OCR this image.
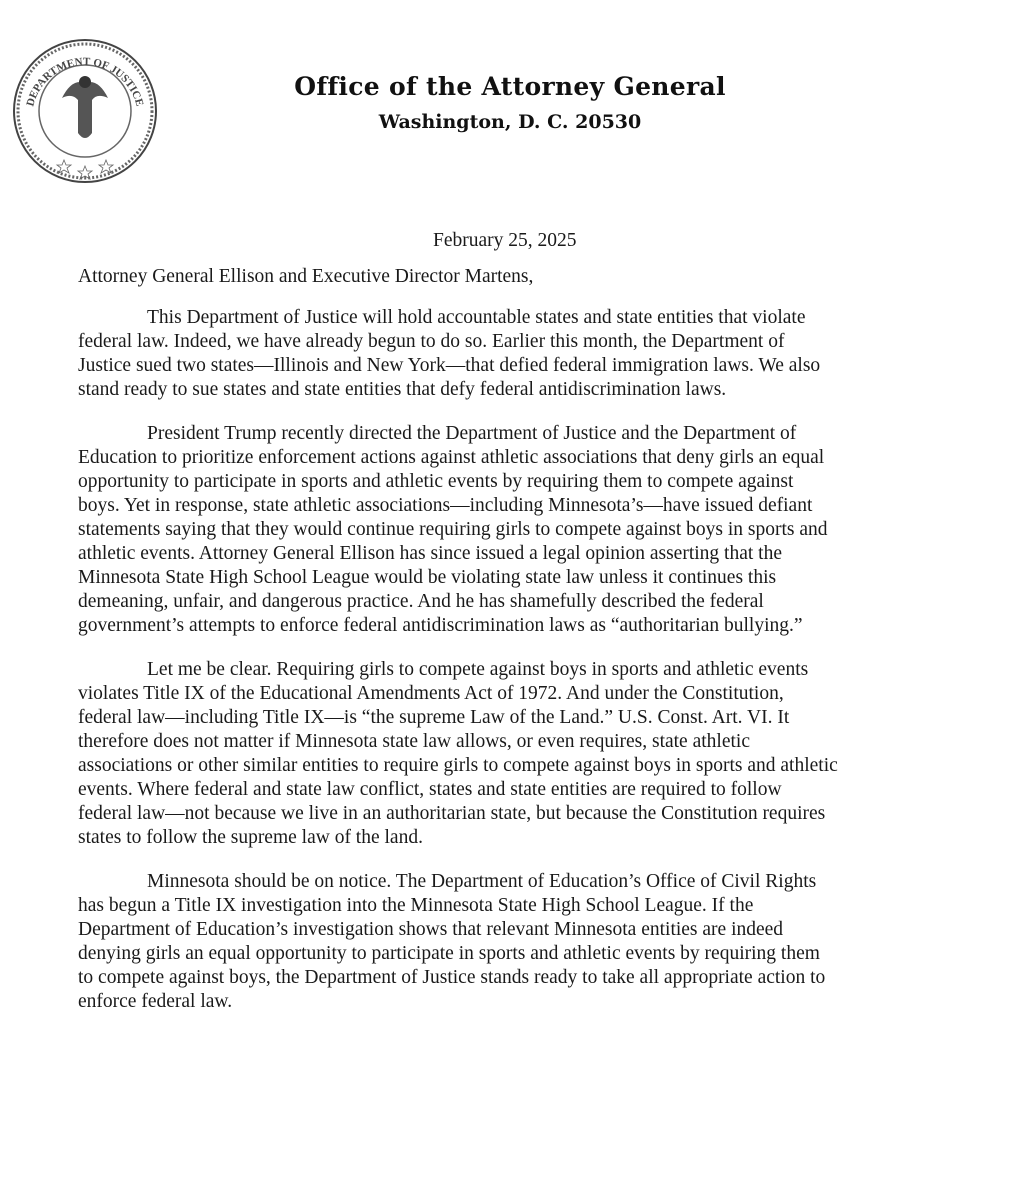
DEPARTMENT OF JUSTICE
Office of the Attorney General
Washington, D. C. 20530
February 25, 2025
Attorney General Ellison and Executive Director Martens,
This Department of Justice will hold accountable states and state entities that violate
federal law. Indeed, we have already begun to do so. Earlier this month, the Department of
Justice sued two states—Illinois and New York—that defied federal immigration laws. We also
stand ready to sue states and state entities that defy federal antidiscrimination laws.
President Trump recently directed the Department of Justice and the Department of
Education to prioritize enforcement actions against athletic associations that deny girls an equal
opportunity to participate in sports and athletic events by requiring them to compete against
boys. Yet in response, state athletic associations—including Minnesota’s—have issued defiant
statements saying that they would continue requiring girls to compete against boys in sports and
athletic events. Attorney General Ellison has since issued a legal opinion asserting that the
Minnesota State High School League would be violating state law unless it continues this
demeaning, unfair, and dangerous practice. And he has shamefully described the federal
government’s attempts to enforce federal antidiscrimination laws as “authoritarian bullying.”
Let me be clear. Requiring girls to compete against boys in sports and athletic events
violates Title IX of the Educational Amendments Act of 1972. And under the Constitution,
federal law—including Title IX—is “the supreme Law of the Land.” U.S. Const. Art. VI. It
therefore does not matter if Minnesota state law allows, or even requires, state athletic
associations or other similar entities to require girls to compete against boys in sports and athletic
events. Where federal and state law conflict, states and state entities are required to follow
federal law—not because we live in an authoritarian state, but because the Constitution requires
states to follow the supreme law of the land.
Minnesota should be on notice. The Department of Education’s Office of Civil Rights
has begun a Title IX investigation into the Minnesota State High School League. If the
Department of Education’s investigation shows that relevant Minnesota entities are indeed
denying girls an equal opportunity to participate in sports and athletic events by requiring them
to compete against boys, the Department of Justice stands ready to take all appropriate action to
enforce federal law.
